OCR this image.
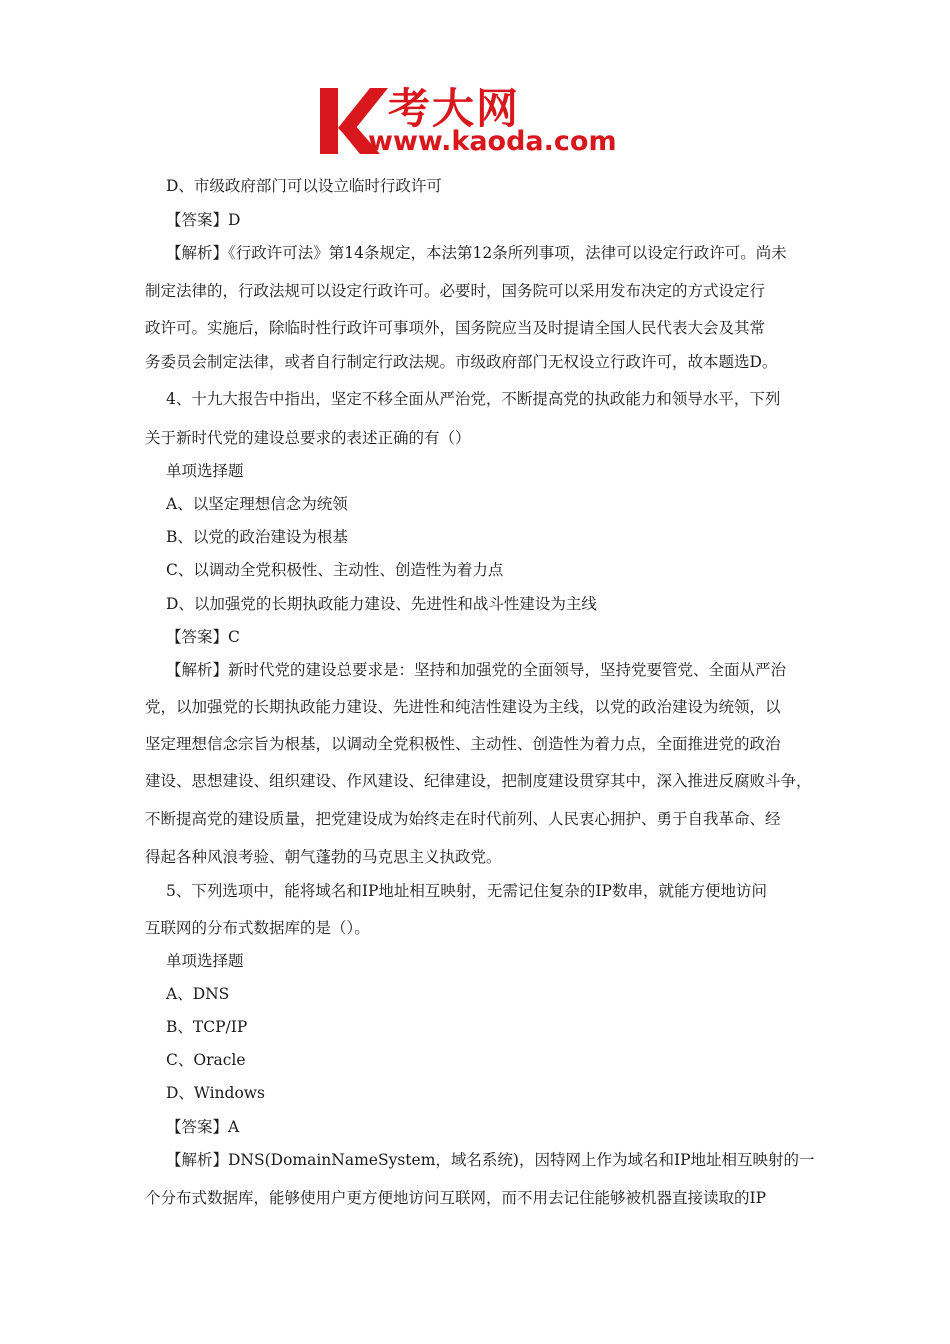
考大网
www.kaoda.com
D、市级政府部门可以设立临时行政许可
【答案】D
【解析】《行政许可法》第14条规定，本法第12条所列事项，法律可以设定行政许可。尚未
制定法律的，行政法规可以设定行政许可。必要时，国务院可以采用发布决定的方式设定行
政许可。实施后，除临时性行政许可事项外，国务院应当及时提请全国人民代表大会及其常
务委员会制定法律，或者自行制定行政法规。市级政府部门无权设立行政许可，故本题选D。
4、十九大报告中指出，坚定不移全面从严治党，不断提高党的执政能力和领导水平，下列
关于新时代党的建设总要求的表述正确的有（）
单项选择题
A、以坚定理想信念为统领
B、以党的政治建设为根基
C、以调动全党积极性、主动性、创造性为着力点
D、以加强党的长期执政能力建设、先进性和战斗性建设为主线
【答案】C
【解析】新时代党的建设总要求是：坚持和加强党的全面领导，坚持党要管党、全面从严治
党，以加强党的长期执政能力建设、先进性和纯洁性建设为主线，以党的政治建设为统领，以
坚定理想信念宗旨为根基，以调动全党积极性、主动性、创造性为着力点，全面推进党的政治
建设、思想建设、组织建设、作风建设、纪律建设，把制度建设贯穿其中，深入推进反腐败斗争，
不断提高党的建设质量，把党建设成为始终走在时代前列、人民衷心拥护、勇于自我革命、经
得起各种风浪考验、朝气蓬勃的马克思主义执政党。
5、下列选项中，能将域名和IP地址相互映射，无需记住复杂的IP数串，就能方便地访问
互联网的分布式数据库的是（）。
单项选择题
A、DNS
B、TCP/IP
C、Oracle
D、Windows
【答案】A
【解析】DNS(DomainNameSystem，域名系统)，因特网上作为域名和IP地址相互映射的一
个分布式数据库，能够使用户更方便地访问互联网，而不用去记住能够被机器直接读取的IP
